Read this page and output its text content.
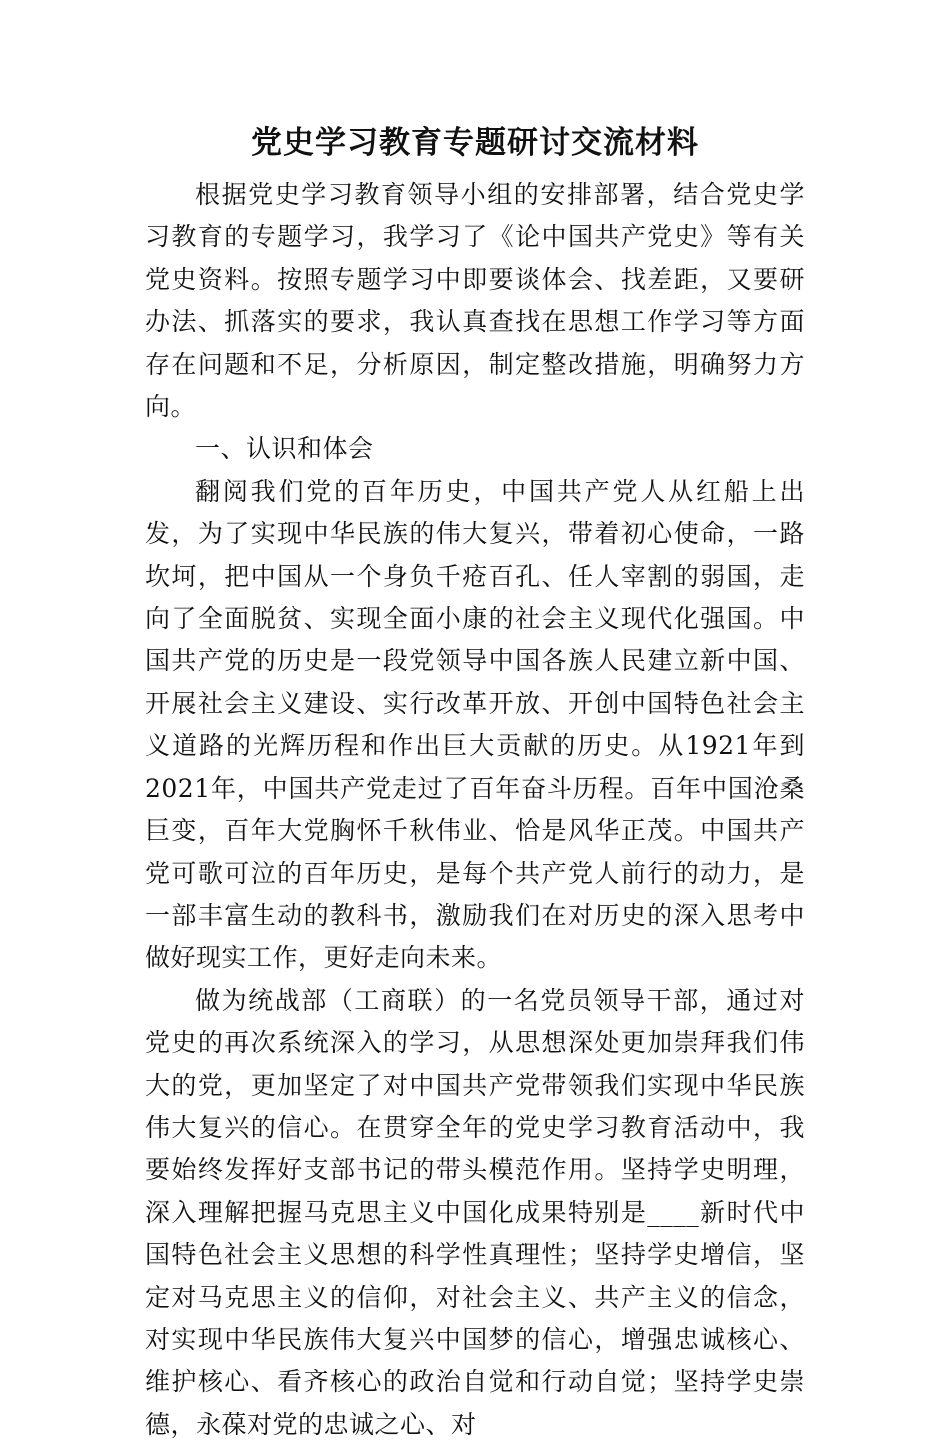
党史学习教育专题研讨交流材料

根据党史学习教育领导小组的安排部署，结合党史学习教育的专题学习，我学习了《论中国共产党史》等有关党史资料。按照专题学习中即要谈体会、找差距，又要研办法、抓落实的要求，我认真查找在思想工作学习等方面存在问题和不足，分析原因，制定整改措施，明确努力方向。

一、认识和体会

翻阅我们党的百年历史，中国共产党人从红船上出发，为了实现中华民族的伟大复兴，带着初心使命，一路坎坷，把中国从一个身负千疮百孔、任人宰割的弱国，走向了全面脱贫、实现全面小康的社会主义现代化强国。中国共产党的历史是一段党领导中国各族人民建立新中国、开展社会主义建设、实行改革开放、开创中国特色社会主义道路的光辉历程和作出巨大贡献的历史。从1921年到2021年，中国共产党走过了百年奋斗历程。百年中国沧桑巨变，百年大党胸怀千秋伟业、恰是风华正茂。中国共产党可歌可泣的百年历史，是每个共产党人前行的动力，是一部丰富生动的教科书，激励我们在对历史的深入思考中做好现实工作，更好走向未来。

做为统战部（工商联）的一名党员领导干部，通过对党史的再次系统深入的学习，从思想深处更加崇拜我们伟大的党，更加坚定了对中国共产党带领我们实现中华民族伟大复兴的信心。在贯穿全年的党史学习教育活动中，我要始终发挥好支部书记的带头模范作用。坚持学史明理，深入理解把握马克思主义中国化成果特别是____新时代中国特色社会主义思想的科学性真理性；坚持学史增信，坚定对马克思主义的信仰，对社会主义、共产主义的信念，对实现中华民族伟大复兴中国梦的信心，增强忠诚核心、维护核心、看齐核心的政治自觉和行动自觉；坚持学史崇德，永葆对党的忠诚之心、对
